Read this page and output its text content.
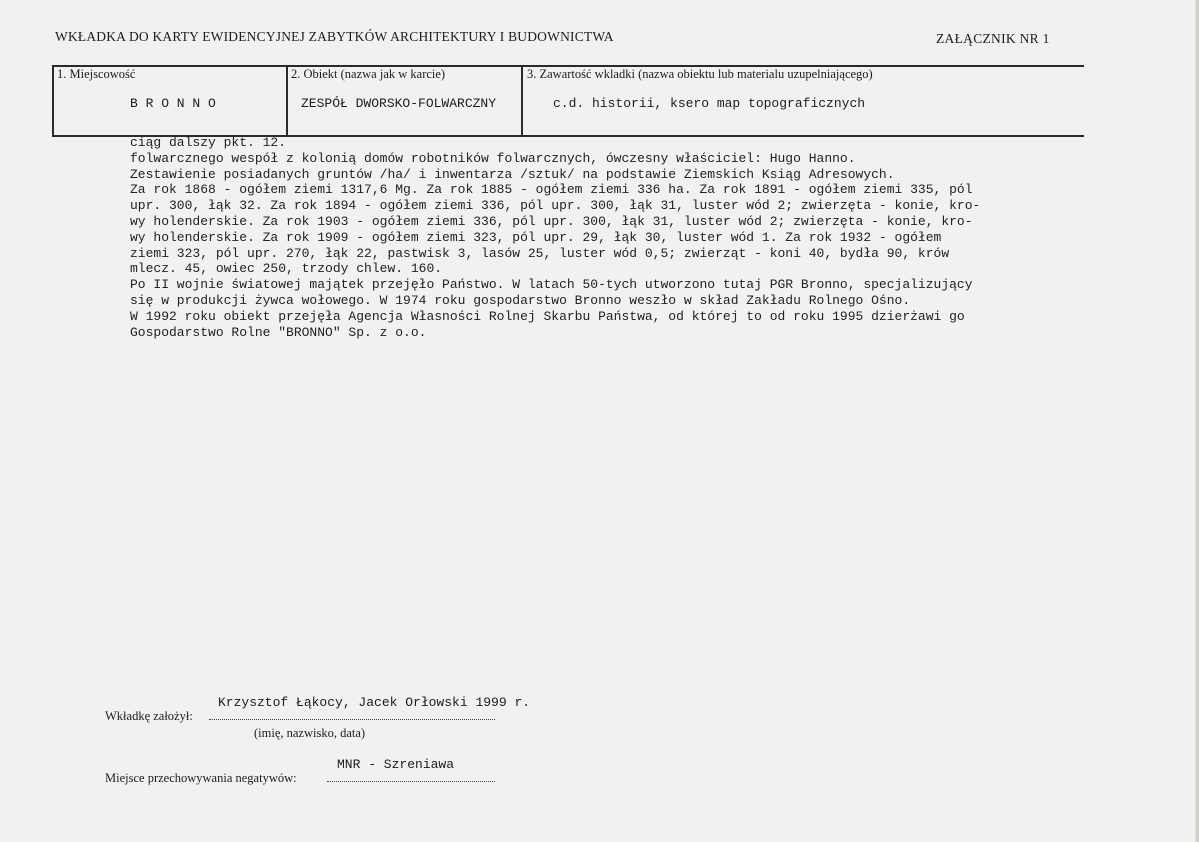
WKŁADKA DO KARTY EWIDENCYJNEJ ZABYTKÓW ARCHITEKTURY I BUDOWNICTWA	ZAŁĄCZNIK NR 1
1. Miejscowość
B R O N N O
2. Obiekt (nazwa jak w karcie)
ZESPÓŁ DWORSKO-FOLWARCZNY
3. Zawartość wkladki (nazwa obiektu lub materialu uzupelniającego)
c.d. historii, ksero map topograficznych
ciąg dalszy pkt. 12.
folwarcznego wespół z kolonią domów robotników folwarcznych, ówczesny właściciel: Hugo Hanno.
Zestawienie posiadanych gruntów /ha/ i inwentarza /sztuk/ na podstawie Ziemskich Ksiąg Adresowych.
Za rok 1868 - ogółem ziemi 1317,6 Mg. Za rok 1885 - ogółem ziemi 336 ha. Za rok 1891 - ogółem ziemi 335, pól
upr. 300, łąk 32. Za rok 1894 - ogółem ziemi 336, pól upr. 300, łąk 31, luster wód 2; zwierzęta - konie, kro-
wy holenderskie. Za rok 1903 - ogółem ziemi 336, pól upr. 300, łąk 31, luster wód 2; zwierzęta - konie, kro-
wy holenderskie. Za rok 1909 - ogółem ziemi 323, pól upr. 29, łąk 30, luster wód 1. Za rok 1932 - ogółem
ziemi 323, pól upr. 270, łąk 22, pastwisk 3, lasów 25, luster wód 0,5; zwierząt - koni 40, bydła 90, krów
mlecz. 45, owiec 250, trzody chlew. 160.
Po II wojnie światowej majątek przejęło Państwo. W latach 50-tych utworzono tutaj PGR Bronno, specjalizujący
się w produkcji żywca wołowego. W 1974 roku gospodarstwo Bronno weszło w skład Zakładu Rolnego Ośno.
W 1992 roku obiekt przejęła Agencja Własności Rolnej Skarbu Państwa, od której to od roku 1995 dzierżawi go
Gospodarstwo Rolne "BRONNO" Sp. z o.o.
Krzysztof Łąkocy, Jacek Orłowski 1999 r.
Wkładkę założył:
(imię, nazwisko, data)
MNR - Szreniawa
Miejsce przechowywania negatywów:
